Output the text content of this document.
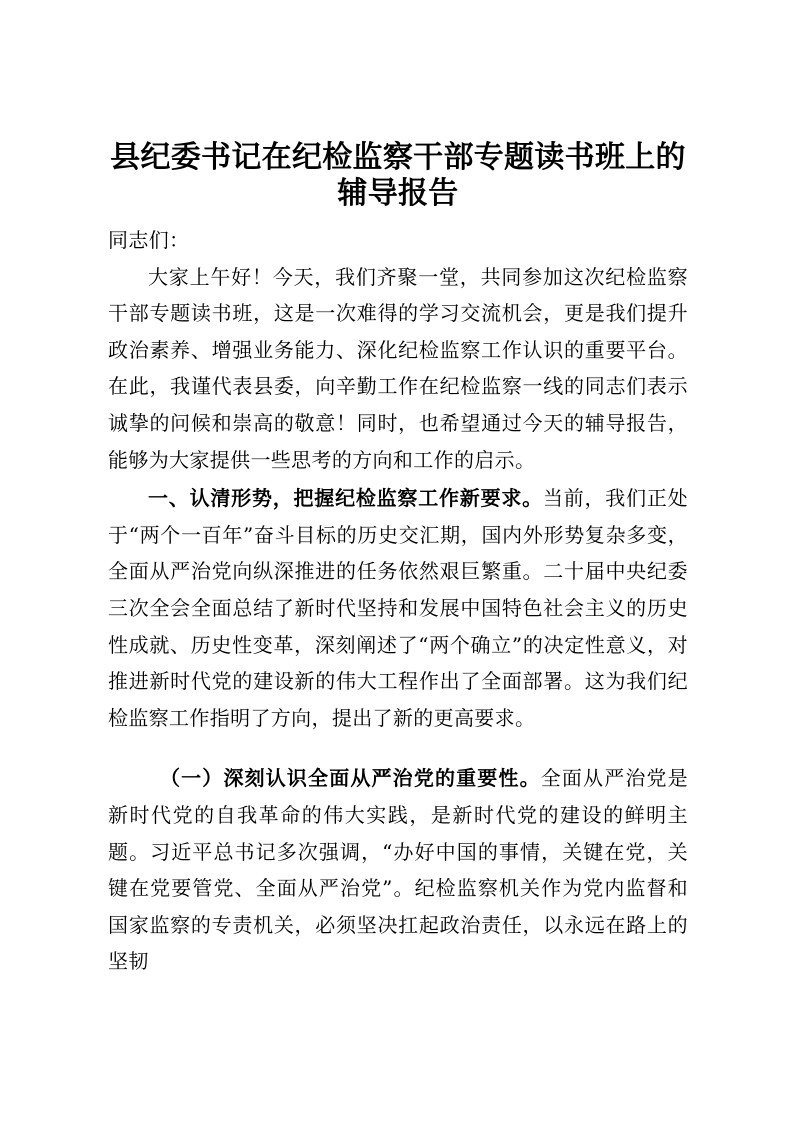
县纪委书记在纪检监察干部专题读书班上的辅导报告

同志们：

大家上午好！今天，我们齐聚一堂，共同参加这次纪检监察干部专题读书班，这是一次难得的学习交流机会，更是我们提升政治素养、增强业务能力、深化纪检监察工作认识的重要平台。在此，我谨代表县委，向辛勤工作在纪检监察一线的同志们表示诚挚的问候和崇高的敬意！同时，也希望通过今天的辅导报告，能够为大家提供一些思考的方向和工作的启示。

一、认清形势，把握纪检监察工作新要求。当前，我们正处于“两个一百年”奋斗目标的历史交汇期，国内外形势复杂多变，全面从严治党向纵深推进的任务依然艰巨繁重。二十届中央纪委三次全会全面总结了新时代坚持和发展中国特色社会主义的历史性成就、历史性变革，深刻阐述了“两个确立”的决定性意义，对推进新时代党的建设新的伟大工程作出了全面部署。这为我们纪检监察工作指明了方向，提出了新的更高要求。

（一）深刻认识全面从严治党的重要性。全面从严治党是新时代党的自我革命的伟大实践，是新时代党的建设的鲜明主题。习近平总书记多次强调，“办好中国的事情，关键在党，关键在党要管党、全面从严治党”。纪检监察机关作为党内监督和国家监察的专责机关，必须坚决扛起政治责任，以永远在路上的坚韧
